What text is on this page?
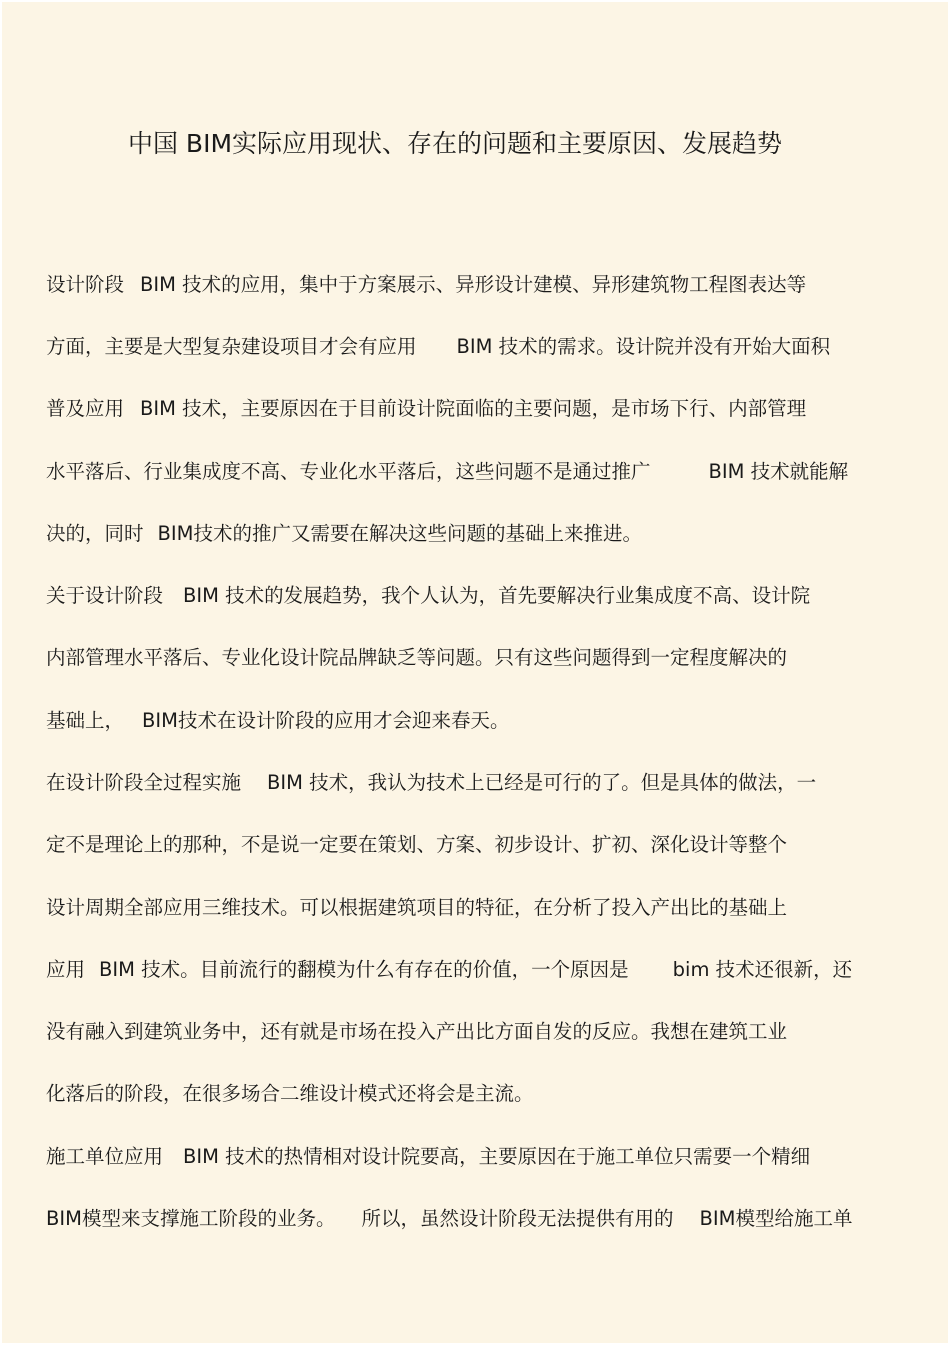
中国 BIM实际应用现状、存在的问题和主要原因、发展趋势
设计阶段 BIM 技术的应用，集中于方案展示、异形设计建模、异形建筑物工程图表达等
方面，主要是大型复杂建设项目才会有应用 BIM 技术的需求。设计院并没有开始大面积
普及应用 BIM 技术，主要原因在于目前设计院面临的主要问题，是市场下行、内部管理
水平落后、行业集成度不高、专业化水平落后，这些问题不是通过推广	BIM 技术就能解
决的，同时 BIM技术的推广又需要在解决这些问题的基础上来推进。
关于设计阶段 BIM 技术的发展趋势，我个人认为，首先要解决行业集成度不高、设计院
内部管理水平落后、专业化设计院品牌缺乏等问题。只有这些问题得到一定程度解决的
基础上， BIM技术在设计阶段的应用才会迎来春天。
在设计阶段全过程实施 BIM 技术，我认为技术上已经是可行的了。但是具体的做法，一
定不是理论上的那种，不是说一定要在策划、方案、初步设计、扩初、深化设计等整个
设计周期全部应用三维技术。可以根据建筑项目的特征，在分析了投入产出比的基础上
应用 BIM 技术。目前流行的翻模为什么有存在的价值，一个原因是 bim 技术还很新，还
没有融入到建筑业务中，还有就是市场在投入产出比方面自发的反应。我想在建筑工业
化落后的阶段，在很多场合二维设计模式还将会是主流。
施工单位应用 BIM 技术的热情相对设计院要高，主要原因在于施工单位只需要一个精细
BIM模型来支撑施工阶段的业务。 所以，虽然设计阶段无法提供有用的 BIM模型给施工单
